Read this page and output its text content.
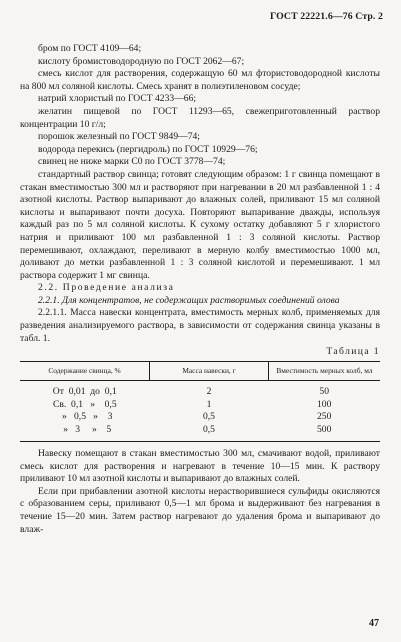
ГОСТ 22221.6—76 Стр. 2

бром по ГОСТ 4109—64;

кислоту бромистоводородную по ГОСТ 2062—67;

смесь кислот для растворения, содержащую 60 мл фтористоводородной кислоты на 800 мл соляной кислоты. Смесь хранят в полиэтиленовом сосуде;

натрий хлористый по ГОСТ 4233—66;

желатин пищевой по ГОСТ 11293—65, свежеприготовленный раствор концентрации 10 г/л;

порошок железный по ГОСТ 9849—74;

водорода перекись (пергидроль) по ГОСТ 10929—76;

свинец не ниже марки С0 по ГОСТ 3778—74;

стандартный раствор свинца; готовят следующим образом: 1 г свинца помещают в стакан вместимостью 300 мл и растворяют при нагревании в 20 мл разбавленной 1 : 4 азотной кислоты. Раствор выпаривают до влажных солей, приливают 15 мл соляной кислоты и выпаривают почти досуха. Повторяют выпаривание дважды, используя каждый раз по 5 мл соляной кислоты. К сухому остатку добавляют 5 г хлористого натрия и приливают 100 мл разбавленной 1 : 3 соляной кислоты. Раствор перемешивают, охлаждают, переливают в мерную колбу вместимостью 1000 мл, доливают до метки разбавленной 1 : 3 соляной кислотой и перемешивают. 1 мл раствора содержит 1 мг свинца.

2.2. Проведение анализа

2.2.1. Для концентратов, не содержащих растворимых соединений олова

2.2.1.1. Масса навески концентрата, вместимость мерных колб, применяемых для разведения анализируемого раствора, в зависимости от содержания свинца указаны в табл. 1.

Таблица 1
Содержание свинца, %	Масса навески, г	Вместимость мерных колб, мл
От  0,01  до  0,1	2	50
Св.  0,1   »    0,5	1	100
»   0,5   »    3	0,5	250
»   3     »    5	0,5	500

Навеску помещают в стакан вместимостью 300 мл, смачивают водой, приливают смесь кислот для растворения и нагревают в течение 10—15 мин. К раствору приливают 10 мл азотной кислоты и выпаривают до влажных солей.

Если при прибавлении азотной кислоты нерастворившиеся сульфиды окисляются с образованием серы, приливают 0,5—1 мл брома и выдерживают без нагревания в течение 15—20 мин. Затем раствор нагревают до удаления брома и выпаривают до влаж-

47
